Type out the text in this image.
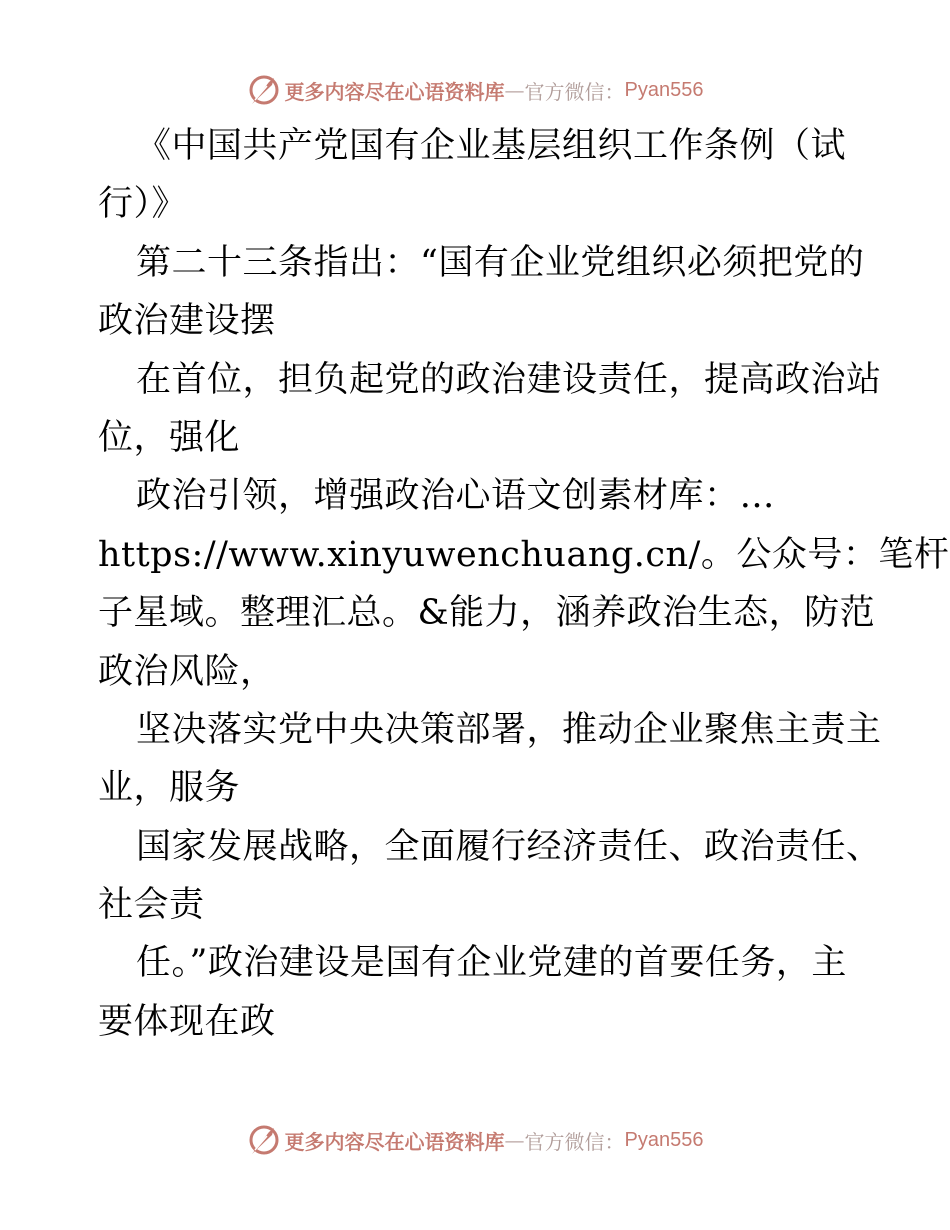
更多内容尽在心语资料库 — 官方微信： Pyan556
《中国共产党国有企业基层组织工作条例（试
行）》
第二十三条指出：“国有企业党组织必须把党的
政治建设摆
在首位，担负起党的政治建设责任，提高政治站
位，强化
政治引领，增强政治心语文创素材库：…
https://www.xinyuwenchuang.cn/。公众号：笔杆
子星域。整理汇总。&能力，涵养政治生态，防范
政治风险，
坚决落实党中央决策部署，推动企业聚焦主责主
业，服务
国家发展战略，全面履行经济责任、政治责任、
社会责
任。”政治建设是国有企业党建的首要任务，主
要体现在政
更多内容尽在心语资料库 — 官方微信： Pyan556
